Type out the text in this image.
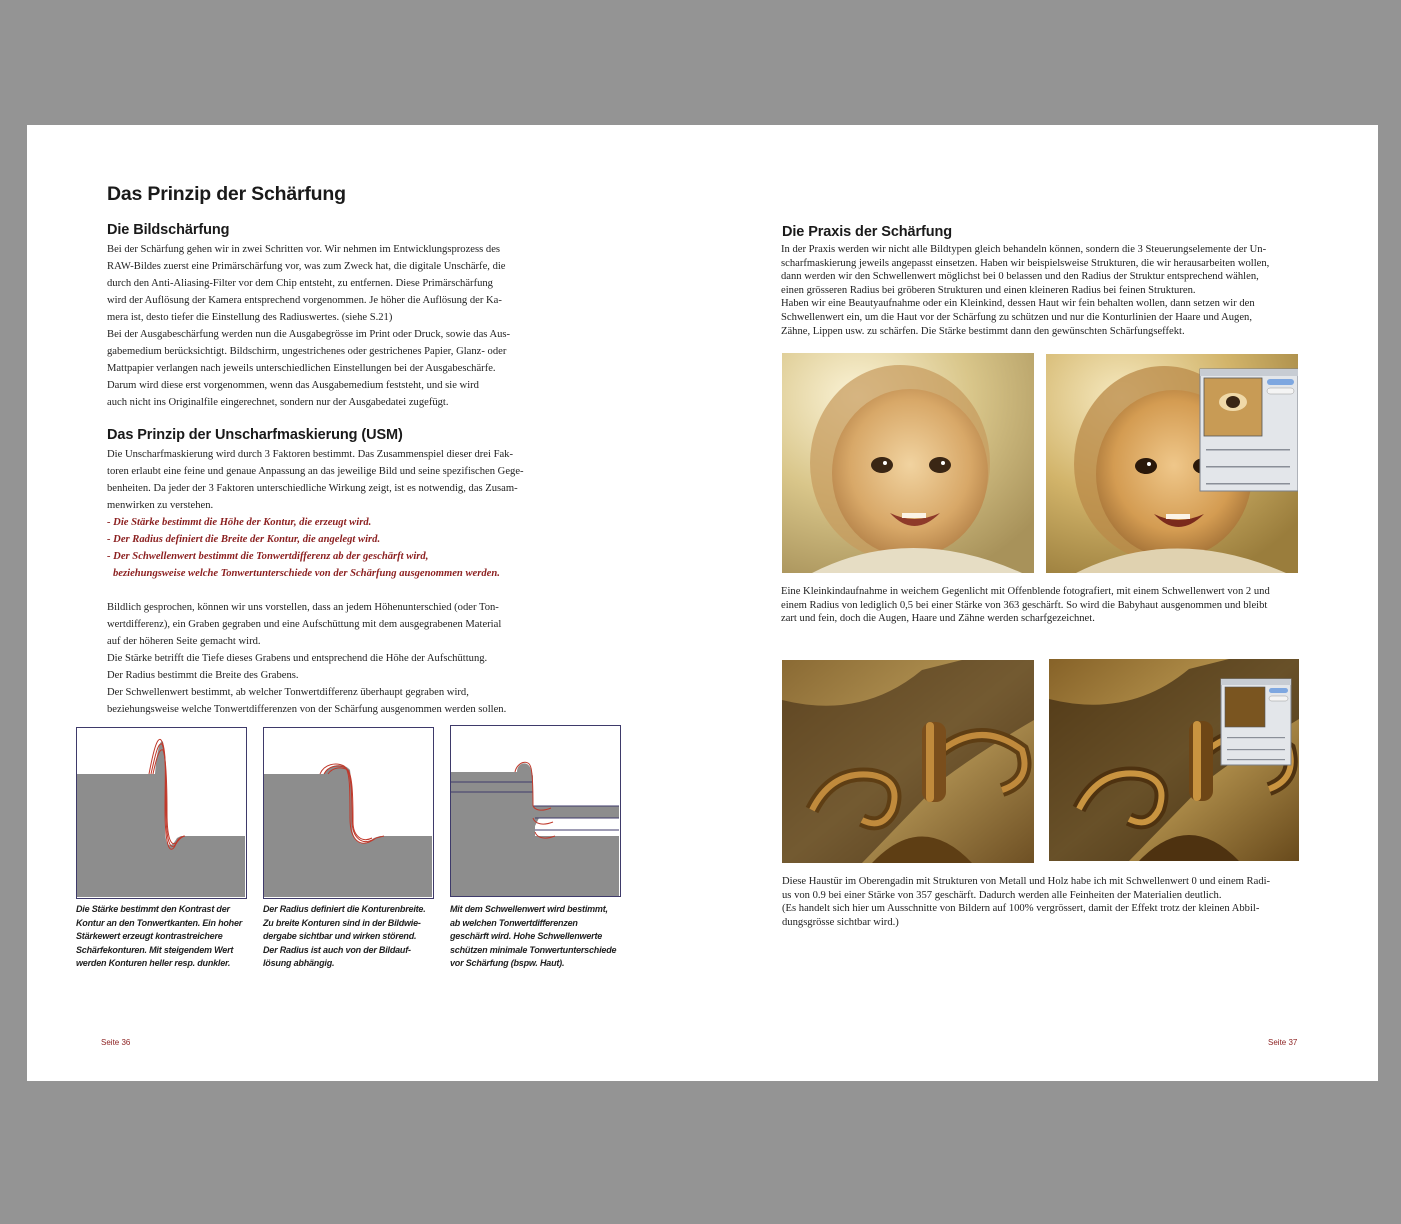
Das Prinzip der Schärfung
Die Bildschärfung
Bei der Schärfung gehen wir in zwei Schritten vor. Wir nehmen im Entwicklungsprozess des
RAW-Bildes zuerst eine Primärschärfung vor, was zum Zweck hat, die digitale Unschärfe, die
durch den Anti-Aliasing-Filter vor dem Chip entsteht, zu entfernen. Diese Primärschärfung
wird der Auflösung der Kamera entsprechend vorgenommen. Je höher die Auflösung der Ka-
mera ist, desto tiefer die Einstellung des Radiuswertes. (siehe S.21)
Bei der Ausgabeschärfung werden nun die Ausgabegrösse im Print oder Druck, sowie das Aus-
gabemedium berücksichtigt. Bildschirm, ungestrichenes oder gestrichenes Papier, Glanz- oder
Mattpapier verlangen nach jeweils unterschiedlichen Einstellungen bei der Ausgabeschärfe.
Darum wird diese erst vorgenommen, wenn das Ausgabemedium feststeht, und sie wird
auch nicht ins Originalfile eingerechnet, sondern nur der Ausgabedatei zugefügt.
Das Prinzip der Unscharfmaskierung (USM)
Die Unscharfmaskierung wird durch 3 Faktoren bestimmt. Das Zusammenspiel dieser drei Fak-
toren erlaubt eine feine und genaue Anpassung an das jeweilige Bild und seine spezifischen Gege-
benheiten. Da jeder der 3 Faktoren unterschiedliche Wirkung zeigt, ist es notwendig, das Zusam-
menwirken zu verstehen.
- Die Stärke bestimmt die Höhe der Kontur, die erzeugt wird.
- Der Radius definiert die Breite der Kontur, die angelegt wird.
- Der Schwellenwert bestimmt die Tonwertdifferenz ab der geschärft wird,
beziehungsweise welche Tonwertunterschiede von der Schärfung ausgenommen werden.
Bildlich gesprochen, können wir uns vorstellen, dass an jedem Höhenunterschied (oder Ton-
wertdifferenz), ein Graben gegraben und eine Aufschüttung mit dem ausgegrabenen Material
auf der höheren Seite gemacht wird.
Die Stärke betrifft die Tiefe dieses Grabens und entsprechend die Höhe der Aufschüttung.
Der Radius bestimmt die Breite des Grabens.
Der Schwellenwert bestimmt, ab welcher Tonwertdifferenz überhaupt gegraben wird,
beziehungsweise welche Tonwertdifferenzen von der Schärfung ausgenommen werden sollen.
Die Stärke bestimmt den Kontrast der
Kontur an den Tonwertkanten. Ein hoher
Stärkewert erzeugt kontrastreichere
Schärfekonturen. Mit steigendem Wert
werden Konturen heller resp. dunkler.
Der Radius definiert die Konturenbreite.
Zu breite Konturen sind in der Bildwie-
dergabe sichtbar und wirken störend.
Der Radius ist auch von der Bildauf-
lösung abhängig.
Mit dem Schwellenwert wird bestimmt,
ab welchen Tonwertdifferenzen
geschärft wird. Hohe Schwellenwerte
schützen minimale Tonwertunterschiede
vor Schärfung (bspw. Haut).
Seite 36
Die Praxis der Schärfung
In der Praxis werden wir nicht alle Bildtypen gleich behandeln können, sondern die 3 Steuerungselemente der Un-
scharfmaskierung jeweils angepasst einsetzen. Haben wir beispielsweise Strukturen, die wir herausarbeiten wollen,
dann werden wir den Schwellenwert möglichst bei 0 belassen und den Radius der Struktur entsprechend wählen,
einen grösseren Radius bei gröberen Strukturen und einen kleineren Radius bei feinen Strukturen.
Haben wir eine Beautyaufnahme oder ein Kleinkind, dessen Haut wir fein behalten wollen, dann setzen wir den
Schwellenwert ein, um die Haut vor der Schärfung zu schützen und nur die Konturlinien der Haare und Augen,
Zähne, Lippen usw. zu schärfen. Die Stärke bestimmt dann den gewünschten Schärfungseffekt.
Eine Kleinkindaufnahme in weichem Gegenlicht mit Offenblende fotografiert, mit einem Schwellenwert von 2 und
einem Radius von lediglich 0,5 bei einer Stärke von 363 geschärft. So wird die Babyhaut ausgenommen und bleibt
zart und fein, doch die Augen, Haare und Zähne werden scharfgezeichnet.
Diese Haustür im Oberengadin mit Strukturen von Metall und Holz habe ich mit Schwellenwert 0 und einem Radi-
us von 0.9 bei einer Stärke von 357 geschärft. Dadurch werden alle Feinheiten der Materialien deutlich.
(Es handelt sich hier um Ausschnitte von Bildern auf 100% vergrössert, damit der Effekt trotz der kleinen Abbil-
dungsgrösse sichtbar wird.)
Seite 37
